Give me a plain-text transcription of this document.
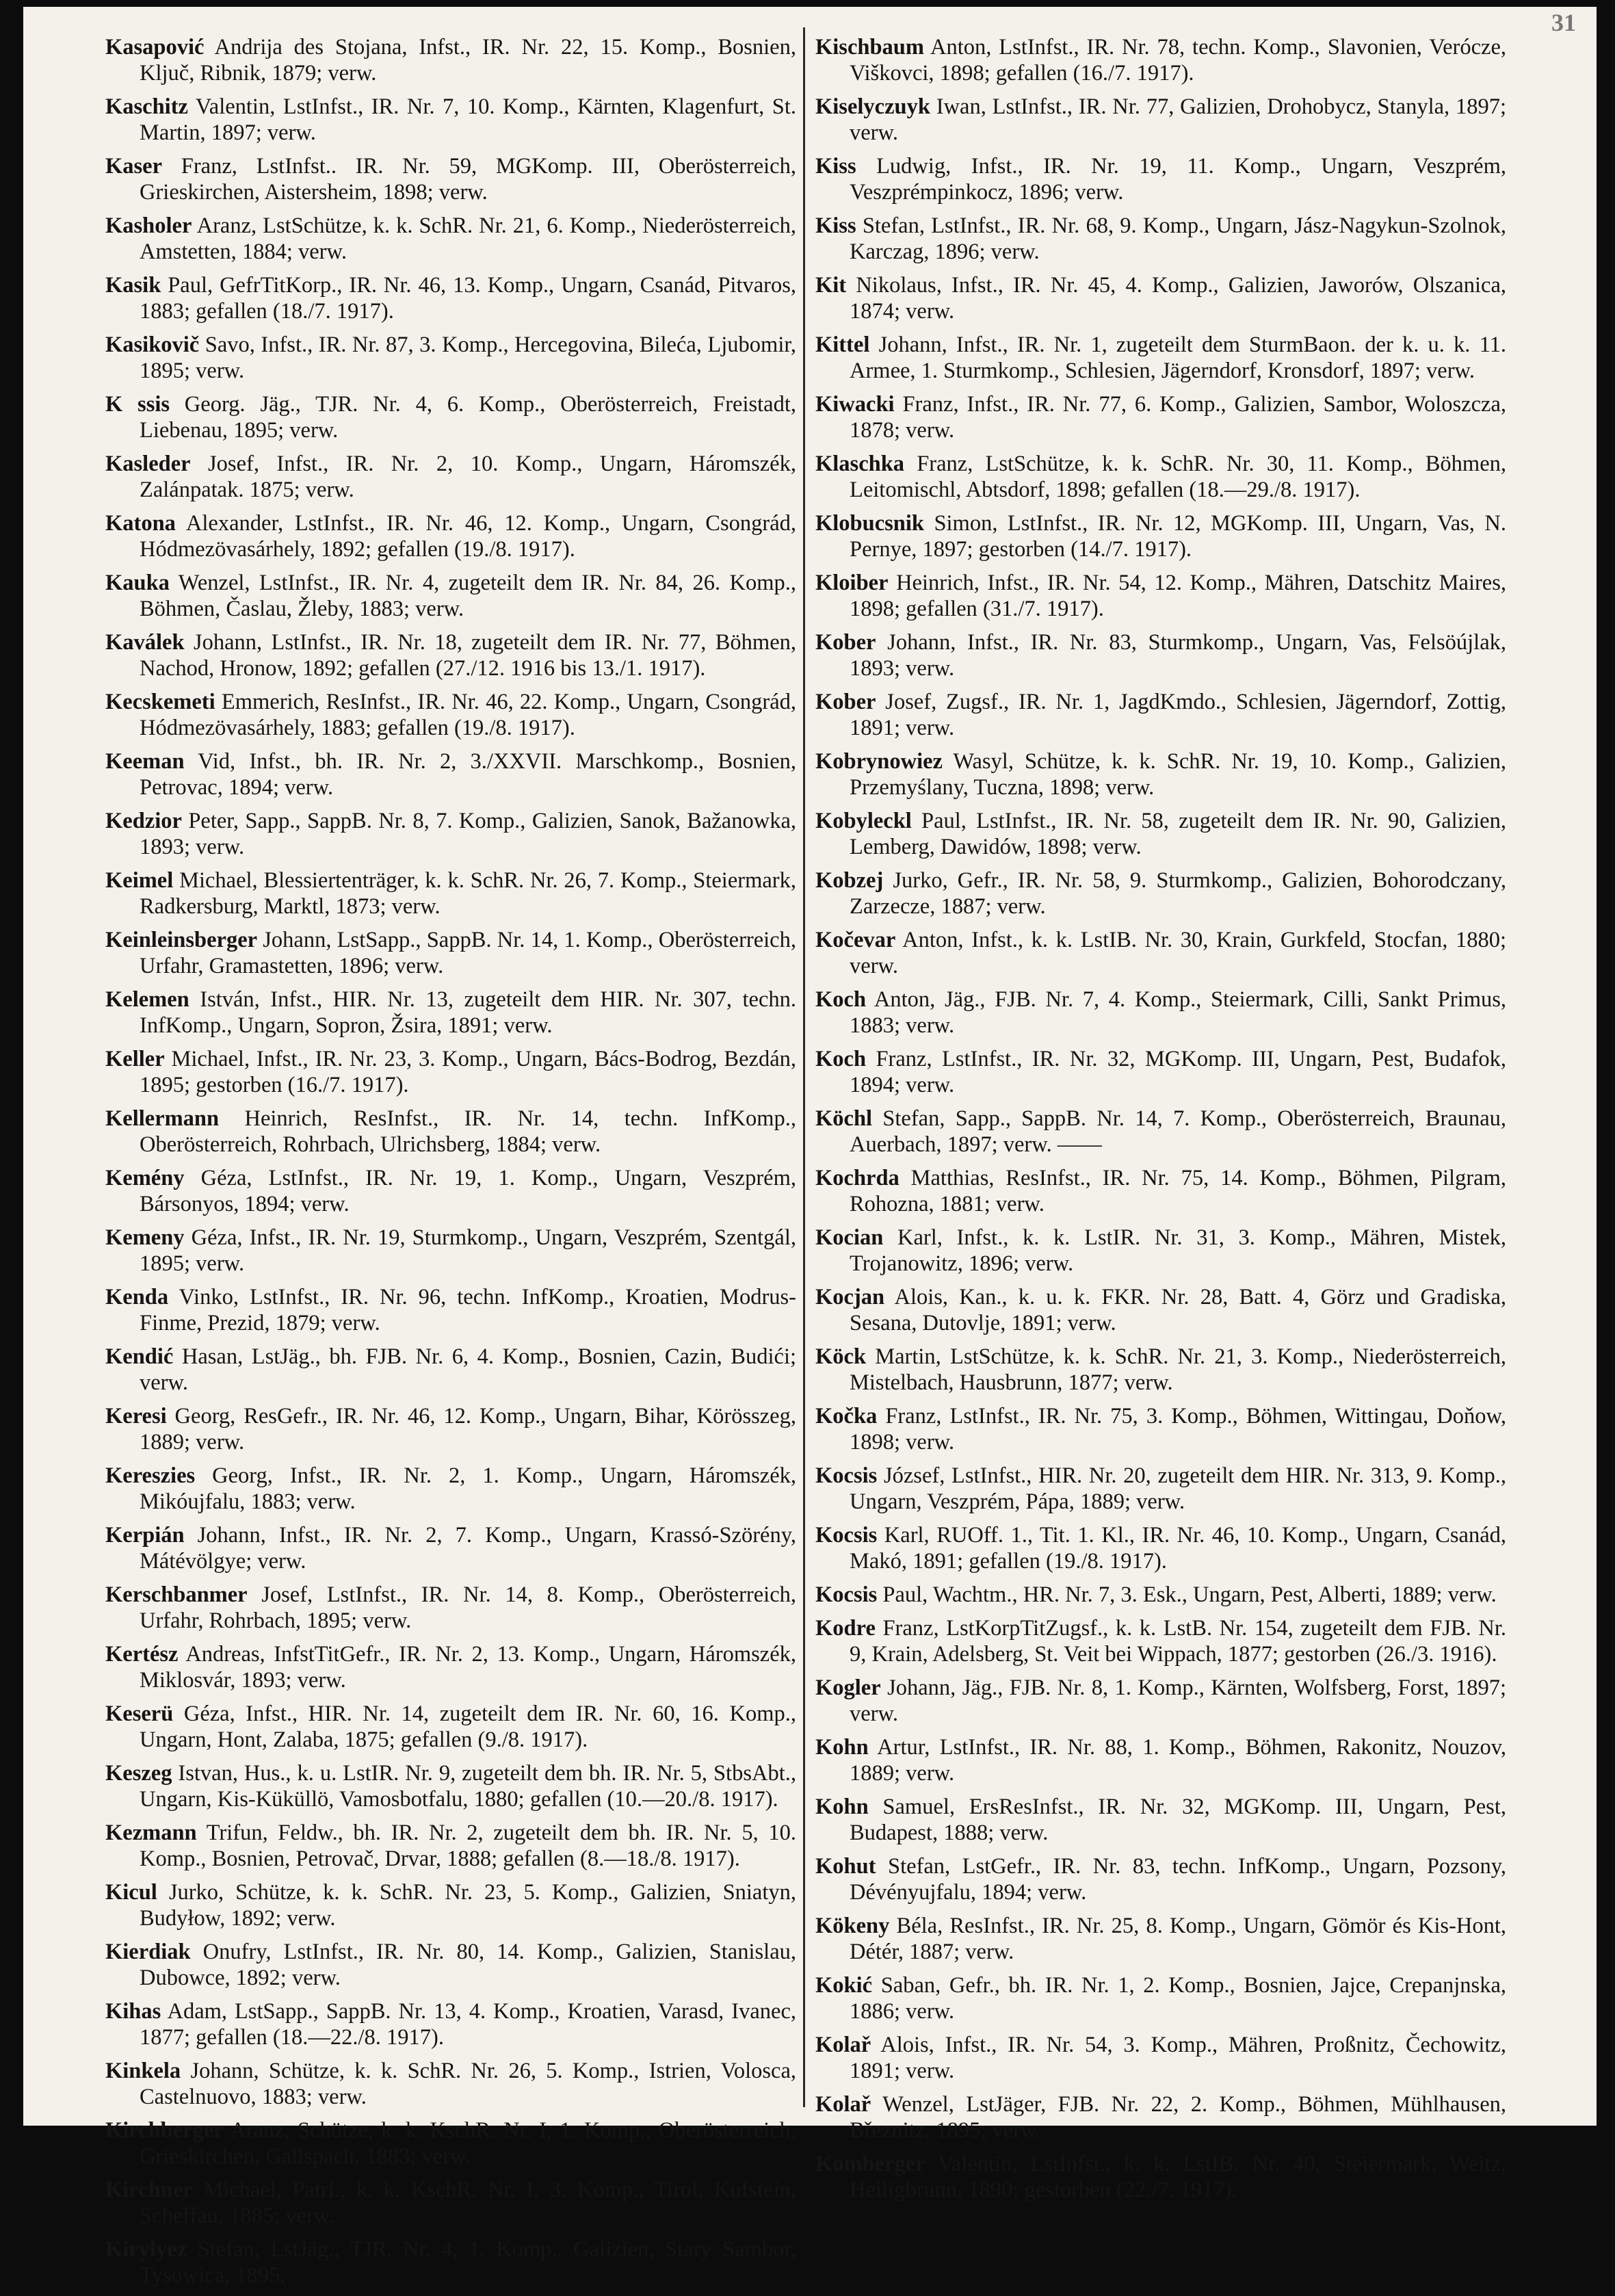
31

Kasapović Andrija des Stojana, Infst., IR. Nr. 22, 15. Komp., Bosnien, Ključ, Ribnik, 1879; verw.

Kaschitz Valentin, LstInfst., IR. Nr. 7, 10. Komp., Kärnten, Klagenfurt, St. Martin, 1897; verw.

Kaser Franz, LstInfst.. IR. Nr. 59, MGKomp. III, Oberösterreich, Grieskirchen, Aistersheim, 1898; verw.

Kasholer Aranz, LstSchütze, k. k. SchR. Nr. 21, 6. Komp., Niederösterreich, Amstetten, 1884; verw.

Kasik Paul, GefrTitKorp., IR. Nr. 46, 13. Komp., Ungarn, Csanád, Pitvaros, 1883; gefallen (18./7. 1917).

Kasikovič Savo, Infst., IR. Nr. 87, 3. Komp., Hercegovina, Bileća, Ljubomir, 1895; verw.

K ssis Georg. Jäg., TJR. Nr. 4, 6. Komp., Oberösterreich, Freistadt, Liebenau, 1895; verw.

Kasleder Josef, Infst., IR. Nr. 2, 10. Komp., Ungarn, Háromszék, Zalánpatak. 1875; verw.

Katona Alexander, LstInfst., IR. Nr. 46, 12. Komp., Ungarn, Csongrád, Hódmezövasárhely, 1892; gefallen (19./8. 1917).

Kauka Wenzel, LstInfst., IR. Nr. 4, zugeteilt dem IR. Nr. 84, 26. Komp., Böhmen, Časlau, Žleby, 1883; verw.

Kaválek Johann, LstInfst., IR. Nr. 18, zugeteilt dem IR. Nr. 77, Böhmen, Nachod, Hronow, 1892; gefallen (27./12. 1916 bis 13./1. 1917).

Kecskemeti Emmerich, ResInfst., IR. Nr. 46, 22. Komp., Ungarn, Csongrád, Hódmezövasárhely, 1883; gefallen (19./8. 1917).

Keeman Vid, Infst., bh. IR. Nr. 2, 3./XXVII. Marschkomp., Bosnien, Petrovac, 1894; verw.

Kedzior Peter, Sapp., SappB. Nr. 8, 7. Komp., Galizien, Sanok, Bažanowka, 1893; verw.

Keimel Michael, Blessiertenträger, k. k. SchR. Nr. 26, 7. Komp., Steiermark, Radkersburg, Marktl, 1873; verw.

Keinleinsberger Johann, LstSapp., SappB. Nr. 14, 1. Komp., Oberösterreich, Urfahr, Gramastetten, 1896; verw.

Kelemen István, Infst., HIR. Nr. 13, zugeteilt dem HIR. Nr. 307, techn. InfKomp., Ungarn, Sopron, Žsira, 1891; verw.

Keller Michael, Infst., IR. Nr. 23, 3. Komp., Ungarn, Bács-Bodrog, Bezdán, 1895; gestorben (16./7. 1917).

Kellermann Heinrich, ResInfst., IR. Nr. 14, techn. InfKomp., Oberösterreich, Rohrbach, Ulrichsberg, 1884; verw.

Kemény Géza, LstInfst., IR. Nr. 19, 1. Komp., Ungarn, Veszprém, Bársonyos, 1894; verw.

Kemeny Géza, Infst., IR. Nr. 19, Sturmkomp., Ungarn, Veszprém, Szentgál, 1895; verw.

Kenda Vinko, LstInfst., IR. Nr. 96, techn. InfKomp., Kroatien, Modrus-Finme, Prezid, 1879; verw.

Kendić Hasan, LstJäg., bh. FJB. Nr. 6, 4. Komp., Bosnien, Cazin, Budići; verw.

Keresi Georg, ResGefr., IR. Nr. 46, 12. Komp., Ungarn, Bihar, Körösszeg, 1889; verw.

Kereszies Georg, Infst., IR. Nr. 2, 1. Komp., Ungarn, Háromszék, Mikóujfalu, 1883; verw.

Kerpián Johann, Infst., IR. Nr. 2, 7. Komp., Ungarn, Krassó-Szörény, Mátévölgye; verw.

Kerschbanmer Josef, LstInfst., IR. Nr. 14, 8. Komp., Oberösterreich, Urfahr, Rohrbach, 1895; verw.

Kertész Andreas, InfstTitGefr., IR. Nr. 2, 13. Komp., Ungarn, Háromszék, Miklosvár, 1893; verw.

Keserü Géza, Infst., HIR. Nr. 14, zugeteilt dem IR. Nr. 60, 16. Komp., Ungarn, Hont, Zalaba, 1875; gefallen (9./8. 1917).

Keszeg Istvan, Hus., k. u. LstIR. Nr. 9, zugeteilt dem bh. IR. Nr. 5, StbsAbt., Ungarn, Kis-Küküllö, Vamosbotfalu, 1880; gefallen (10.—20./8. 1917).

Kezmann Trifun, Feldw., bh. IR. Nr. 2, zugeteilt dem bh. IR. Nr. 5, 10. Komp., Bosnien, Petrovač, Drvar, 1888; gefallen (8.—18./8. 1917).

Kicul Jurko, Schütze, k. k. SchR. Nr. 23, 5. Komp., Galizien, Sniatyn, Budyłow, 1892; verw.

Kierdiak Onufry, LstInfst., IR. Nr. 80, 14. Komp., Galizien, Stanislau, Dubowce, 1892; verw.

Kihas Adam, LstSapp., SappB. Nr. 13, 4. Komp., Kroatien, Varasd, Ivanec, 1877; gefallen (18.—22./8. 1917).

Kinkela Johann, Schütze, k. k. SchR. Nr. 26, 5. Komp., Istrien, Volosca, Castelnuovo, 1883; verw.

Kirchberger Aranz, Schütze, k. k. KschR. Nr. I, 1. Komp., Oberösterreich, Grieskirchen, Gallspach, 1883; verw.

Kirchner Michael, Patrl., k. k. KschR. Nr. I, 3. Komp., Tirol, Kufstein, Scheffau, 1885; verw.

Kirylyez Stefan, LstJäg., TJR. Nr. 4, 1. Komp., Galizien, Stary Sambor, Tysowica, 1895.

Kischbaum Anton, LstInfst., IR. Nr. 78, techn. Komp., Slavonien, Verócze, Viškovci, 1898; gefallen (16./7. 1917).

Kiselyczuyk Iwan, LstInfst., IR. Nr. 77, Galizien, Drohobycz, Stanyla, 1897; verw.

Kiss Ludwig, Infst., IR. Nr. 19, 11. Komp., Ungarn, Veszprém, Veszprémpinkocz, 1896; verw.

Kiss Stefan, LstInfst., IR. Nr. 68, 9. Komp., Ungarn, Jász-Nagykun-Szolnok, Karczag, 1896; verw.

Kit Nikolaus, Infst., IR. Nr. 45, 4. Komp., Galizien, Jaworów, Olszanica, 1874; verw.

Kittel Johann, Infst., IR. Nr. 1, zugeteilt dem SturmBaon. der k. u. k. 11. Armee, 1. Sturmkomp., Schlesien, Jägerndorf, Kronsdorf, 1897; verw.

Kiwacki Franz, Infst., IR. Nr. 77, 6. Komp., Galizien, Sambor, Woloszcza, 1878; verw.

Klaschka Franz, LstSchütze, k. k. SchR. Nr. 30, 11. Komp., Böhmen, Leitomischl, Abtsdorf, 1898; gefallen (18.—29./8. 1917).

Klobucsnik Simon, LstInfst., IR. Nr. 12, MGKomp. III, Ungarn, Vas, N. Pernye, 1897; gestorben (14./7. 1917).

Kloiber Heinrich, Infst., IR. Nr. 54, 12. Komp., Mähren, Datschitz Maires, 1898; gefallen (31./7. 1917).

Kober Johann, Infst., IR. Nr. 83, Sturmkomp., Ungarn, Vas, Felsöújlak, 1893; verw.

Kober Josef, Zugsf., IR. Nr. 1, JagdKmdo., Schlesien, Jägerndorf, Zottig, 1891; verw.

Kobrynowiez Wasyl, Schütze, k. k. SchR. Nr. 19, 10. Komp., Galizien, Przemyślany, Tuczna, 1898; verw.

Kobyleckl Paul, LstInfst., IR. Nr. 58, zugeteilt dem IR. Nr. 90, Galizien, Lemberg, Dawidów, 1898; verw.

Kobzej Jurko, Gefr., IR. Nr. 58, 9. Sturmkomp., Galizien, Bohorodczany, Zarzecze, 1887; verw.

Kočevar Anton, Infst., k. k. LstIB. Nr. 30, Krain, Gurkfeld, Stocfan, 1880; verw.

Koch Anton, Jäg., FJB. Nr. 7, 4. Komp., Steiermark, Cilli, Sankt Primus, 1883; verw.

Koch Franz, LstInfst., IR. Nr. 32, MGKomp. III, Ungarn, Pest, Budafok, 1894; verw.

Köchl Stefan, Sapp., SappB. Nr. 14, 7. Komp., Oberösterreich, Braunau, Auerbach, 1897; verw. ——

Kochrda Matthias, ResInfst., IR. Nr. 75, 14. Komp., Böhmen, Pilgram, Rohozna, 1881; verw.

Kocian Karl, Infst., k. k. LstIR. Nr. 31, 3. Komp., Mähren, Mistek, Trojanowitz, 1896; verw.

Kocjan Alois, Kan., k. u. k. FKR. Nr. 28, Batt. 4, Görz und Gradiska, Sesana, Dutovlje, 1891; verw.

Köck Martin, LstSchütze, k. k. SchR. Nr. 21, 3. Komp., Niederösterreich, Mistelbach, Hausbrunn, 1877; verw.

Kočka Franz, LstInfst., IR. Nr. 75, 3. Komp., Böhmen, Wittingau, Doňow, 1898; verw.

Kocsis József, LstInfst., HIR. Nr. 20, zugeteilt dem HIR. Nr. 313, 9. Komp., Ungarn, Veszprém, Pápa, 1889; verw.

Kocsis Karl, RUOff. 1., Tit. 1. Kl., IR. Nr. 46, 10. Komp., Ungarn, Csanád, Makó, 1891; gefallen (19./8. 1917).

Kocsis Paul, Wachtm., HR. Nr. 7, 3. Esk., Ungarn, Pest, Alberti, 1889; verw.

Kodre Franz, LstKorpTitZugsf., k. k. LstB. Nr. 154, zugeteilt dem FJB. Nr. 9, Krain, Adelsberg, St. Veit bei Wippach, 1877; gestorben (26./3. 1916).

Kogler Johann, Jäg., FJB. Nr. 8, 1. Komp., Kärnten, Wolfsberg, Forst, 1897; verw.

Kohn Artur, LstInfst., IR. Nr. 88, 1. Komp., Böhmen, Rakonitz, Nouzov, 1889; verw.

Kohn Samuel, ErsResInfst., IR. Nr. 32, MGKomp. III, Ungarn, Pest, Budapest, 1888; verw.

Kohut Stefan, LstGefr., IR. Nr. 83, techn. InfKomp., Ungarn, Pozsony, Dévényujfalu, 1894; verw.

Kökeny Béla, ResInfst., IR. Nr. 25, 8. Komp., Ungarn, Gömör és Kis-Hont, Détér, 1887; verw.

Kokić Saban, Gefr., bh. IR. Nr. 1, 2. Komp., Bosnien, Jajce, Crepanjnska, 1886; verw.

Kolař Alois, Infst., IR. Nr. 54, 3. Komp., Mähren, Proßnitz, Čechowitz, 1891; verw.

Kolař Wenzel, LstJäger, FJB. Nr. 22, 2. Komp., Böhmen, Mühlhausen, Březnitz, 1895; verw.

Komberger Valentin, LstInfst., k. k. LstIB. Nr. 40, Steiermark, Weitz, Heiligbrunn, 1890; gestorben (22./7. 1917).
